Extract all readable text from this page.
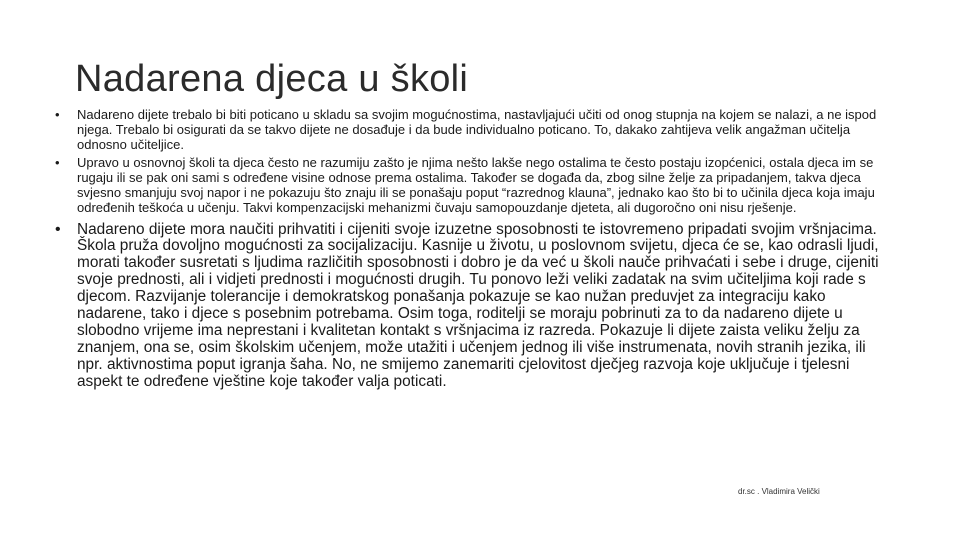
Nadarena djeca u školi

• Nadareno dijete trebalo bi biti poticano u skladu sa svojim mogućnostima, nastavljajući učiti od onog stupnja na kojem se nalazi, a ne ispod njega. Trebalo bi osigurati da se takvo dijete ne dosađuje i da bude individualno poticano. To, dakako zahtijeva velik angažman učitelja odnosno učiteljice.

• Upravo u osnovnoj školi ta djeca često ne razumiju zašto je njima nešto lakše nego ostalima te često postaju izopćenici, ostala djeca im se rugaju ili se pak oni sami s određene visine odnose prema ostalima. Također se događa da, zbog silne želje za pripadanjem, takva djeca svjesno smanjuju svoj napor i ne pokazuju što znaju ili se ponašaju poput “razrednog klauna”, jednako kao što bi to učinila djeca koja imaju određenih teškoća u učenju. Takvi kompenzacijski mehanizmi čuvaju samopouzdanje djeteta, ali dugoročno oni nisu rješenje.

• Nadareno dijete mora naučiti prihvatiti i cijeniti svoje izuzetne sposobnosti te istovremeno pripadati svojim vršnjacima. Škola pruža dovoljno mogućnosti za socijalizaciju. Kasnije u životu, u poslovnom svijetu, djeca će se, kao odrasli ljudi, morati također susretati s ljudima različitih sposobnosti i dobro je da već u školi nauče prihvaćati i sebe i druge, cijeniti svoje prednosti, ali i vidjeti prednosti i mogućnosti drugih. Tu ponovo leži veliki zadatak na svim učiteljima koji rade s djecom. Razvijanje tolerancije i demokratskog ponašanja pokazuje se kao nužan preduvjet za integraciju kako nadarene, tako i djece s posebnim potrebama. Osim toga, roditelji se moraju pobrinuti za to da nadareno dijete u slobodno vrijeme ima neprestani i kvalitetan kontakt s vršnjacima iz razreda. Pokazuje li dijete zaista veliku želju za znanjem, ona se, osim školskim učenjem, može utažiti i učenjem jednog ili više instrumenata, novih stranih jezika, ili npr. aktivnostima poput igranja šaha. No, ne smijemo zanemariti cjelovitost dječjeg razvoja koje uključuje i tjelesni aspekt te određene vještine koje također valja poticati.

dr.sc . Vladimira Velički
